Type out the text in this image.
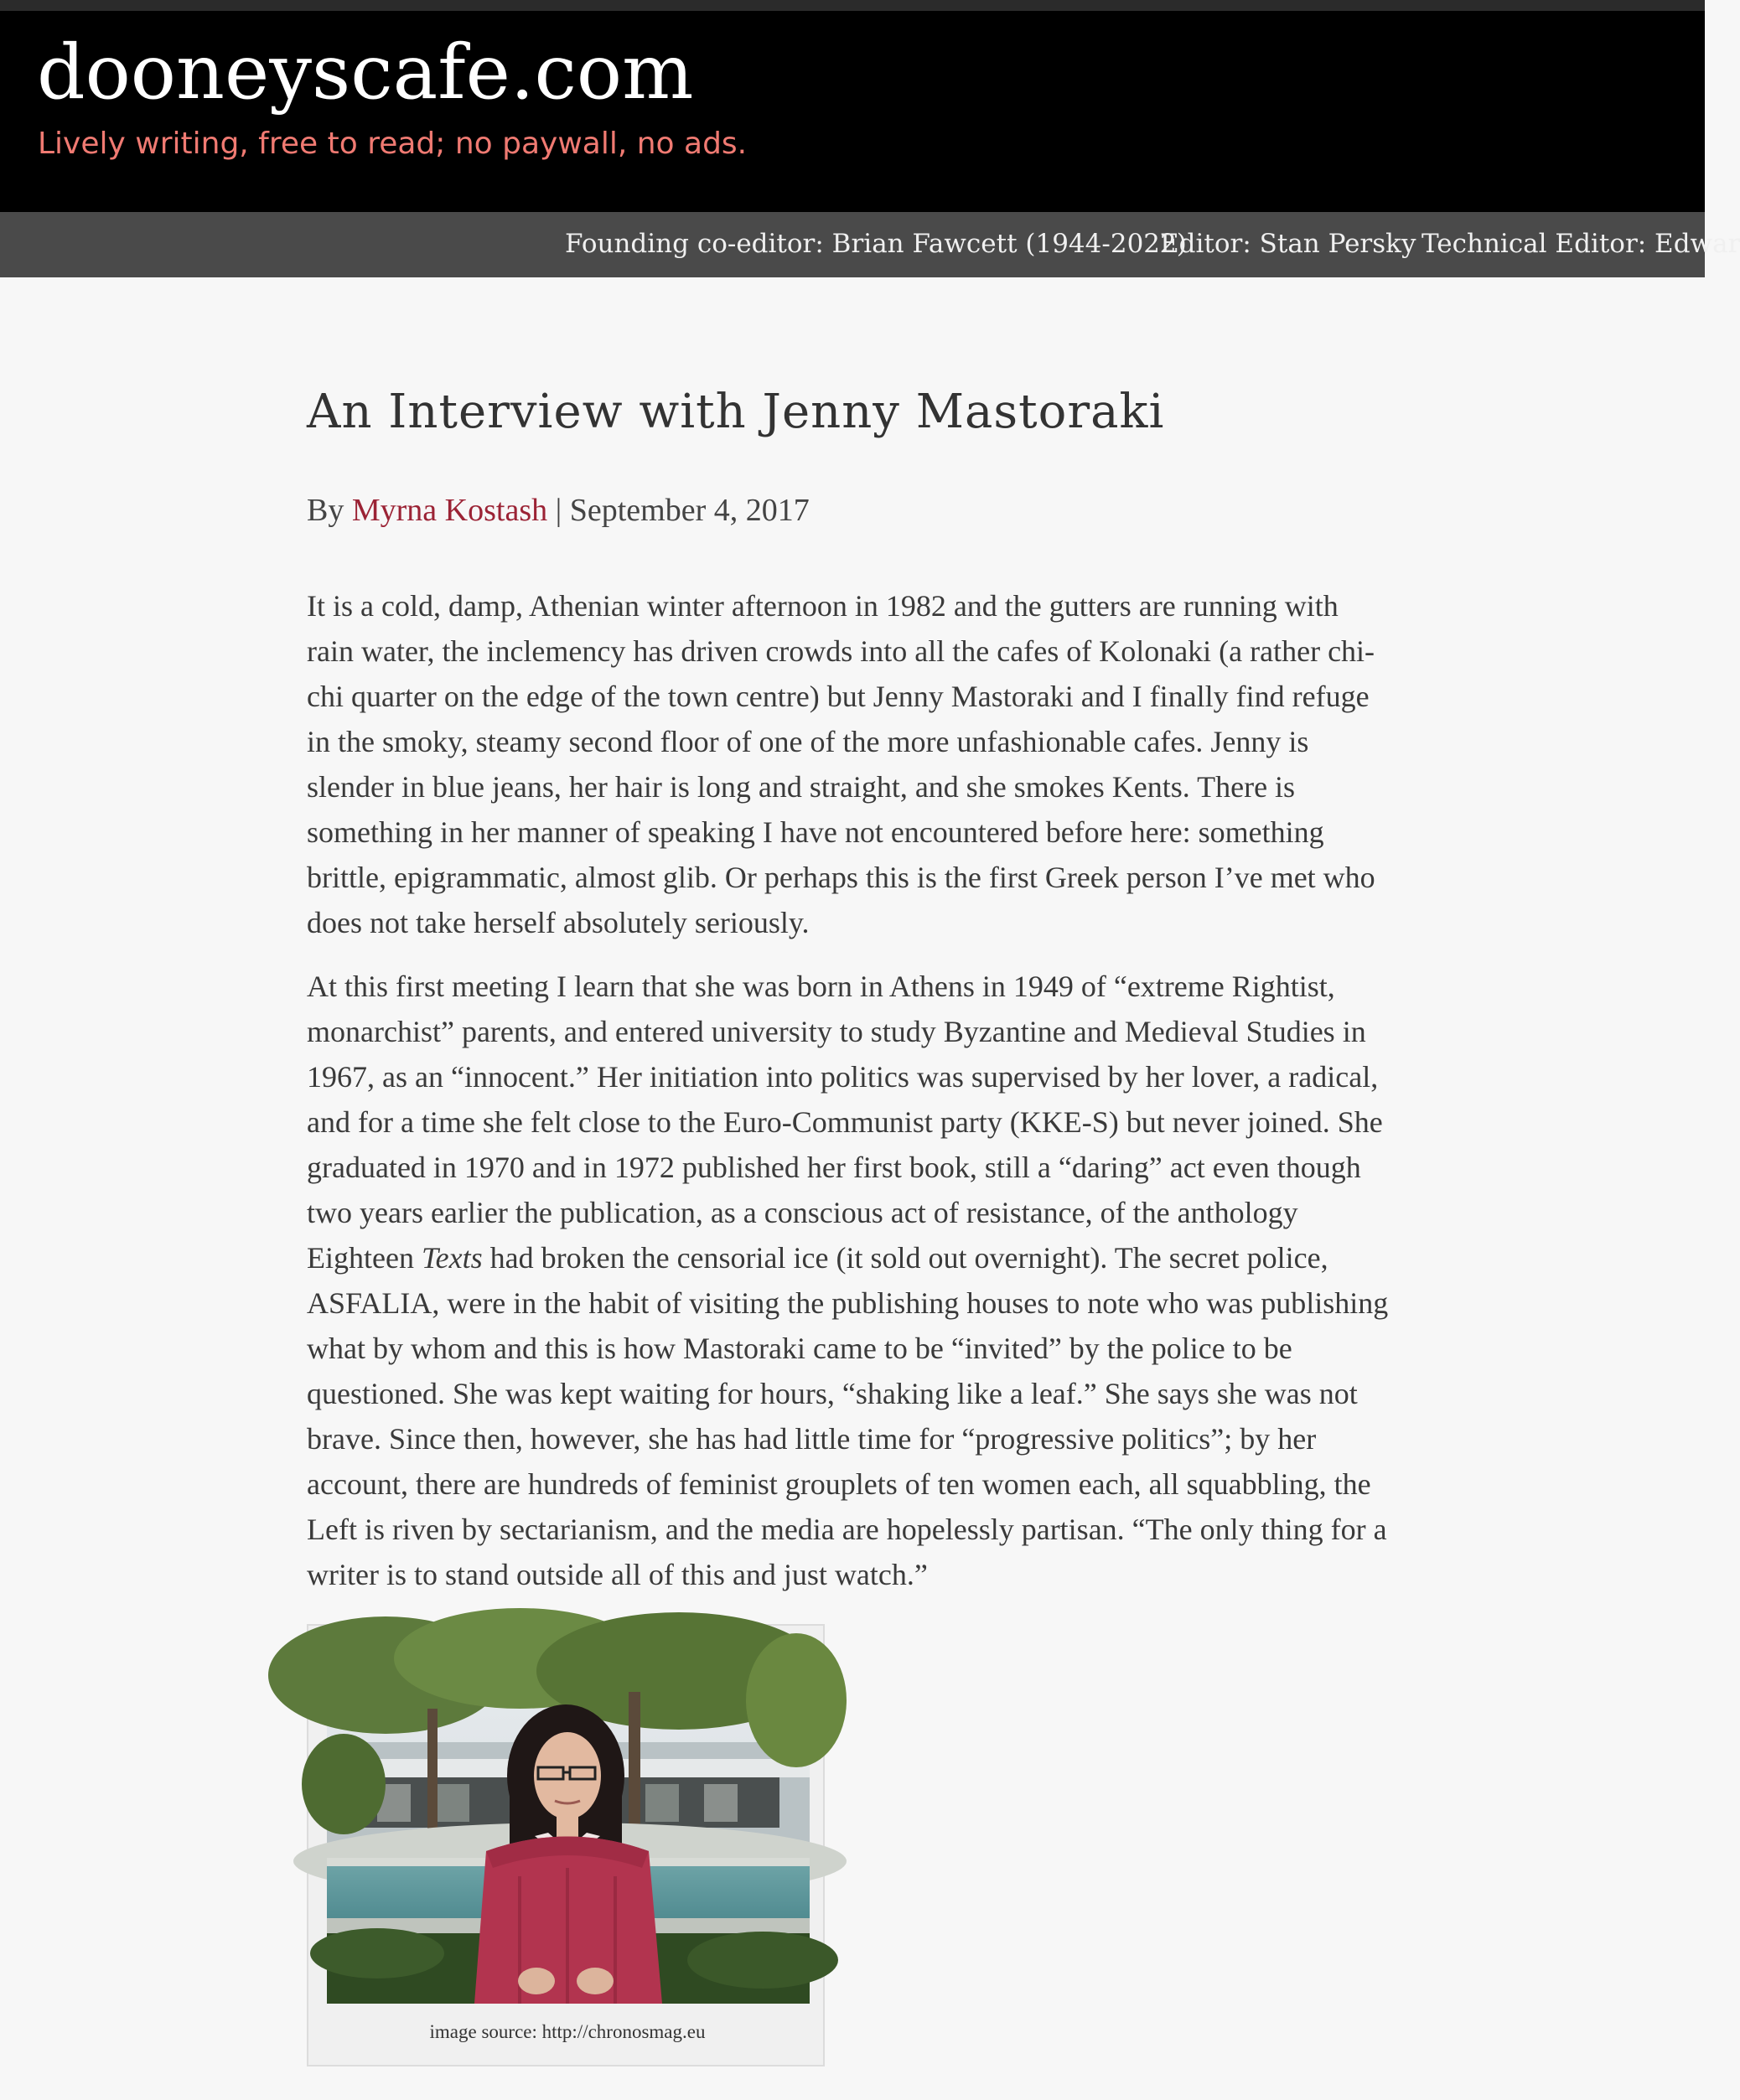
dooneyscafe.com

Lively writing, free to read; no paywall, no ads.

Founding co-editor: Brian Fawcett (1944-2022)
Editor: Stan Persky Technical Editor: Edwar
An Interview with Jenny Mastoraki
By Myrna Kostash | September 4, 2017

It is a cold, damp, Athenian winter afternoon in 1982 and the gutters are running with
rain water, the inclemency has driven crowds into all the cafes of Kolonaki (a rather chi-
chi quarter on the edge of the town centre) but Jenny Mastoraki and I finally find refuge
in the smoky, steamy second floor of one of the more unfashionable cafes. Jenny is
slender in blue jeans, her hair is long and straight, and she smokes Kents. There is
something in her manner of speaking I have not encountered before here: something
brittle, epigrammatic, almost glib. Or perhaps this is the first Greek person I’ve met who
does not take herself absolutely seriously.

At this first meeting I learn that she was born in Athens in 1949 of “extreme Rightist,
monarchist” parents, and entered university to study Byzantine and Medieval Studies in
1967, as an “innocent.” Her initiation into politics was supervised by her lover, a radical,
and for a time she felt close to the Euro-Communist party (KKE-S) but never joined. She
graduated in 1970 and in 1972 published her first book, still a “daring” act even though
two years earlier the publication, as a conscious act of resistance, of the anthology
Eighteen Texts had broken the censorial ice (it sold out overnight). The secret police,
ASFALIA, were in the habit of visiting the publishing houses to note who was publishing
what by whom and this is how Mastoraki came to be “invited” by the police to be
questioned. She was kept waiting for hours, “shaking like a leaf.” She says she was not
brave. Since then, however, she has had little time for “progressive politics”; by her
account, there are hundreds of feminist grouplets of ten women each, all squabbling, the
Left is riven by sectarianism, and the media are hopelessly partisan. “The only thing for a
writer is to stand outside all of this and just watch.”

image source: http://chronosmag.eu
